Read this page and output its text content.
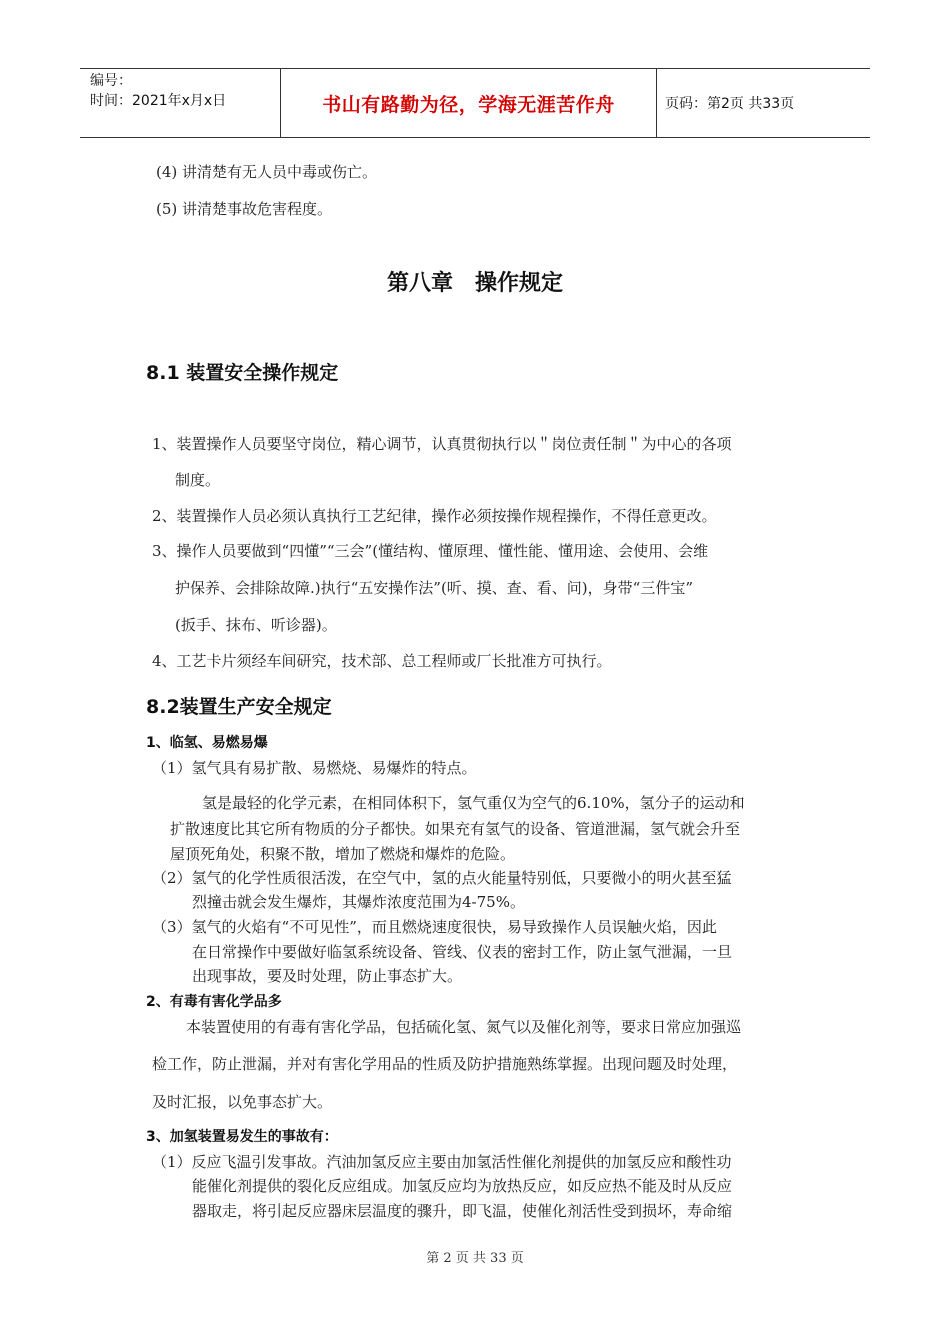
编号：
时间：2021年x月x日	书山有路勤为径，学海无涯苦作舟	页码：第2页 共33页
(4) 讲清楚有无人员中毒或伤亡。
(5) 讲清楚事故危害程度。
第八章　操作规定
8.1 装置安全操作规定
1、装置操作人员要坚守岗位，精心调节，认真贯彻执行以＂岗位责任制＂为中心的各项
制度。
2、装置操作人员必须认真执行工艺纪律，操作必须按操作规程操作，不得任意更改。
3、操作人员要做到“四懂”“三会”(懂结构、懂原理、懂性能、懂用途、会使用、会维
护保养、会排除故障.)执行“五安操作法”(听、摸、查、看、问)，身带“三件宝”
(扳手、抹布、听诊器)。
4、工艺卡片须经车间研究，技术部、总工程师或厂长批准方可执行。
8.2装置生产安全规定
1、临氢、易燃易爆
（1）氢气具有易扩散、易燃烧、易爆炸的特点。
氢是最轻的化学元素，在相同体积下，氢气重仅为空气的6.10%，氢分子的运动和
扩散速度比其它所有物质的分子都快。如果充有氢气的设备、管道泄漏，氢气就会升至
屋顶死角处，积聚不散，增加了燃烧和爆炸的危险。
（2）氢气的化学性质很活泼，在空气中，氢的点火能量特别低，只要微小的明火甚至猛
烈撞击就会发生爆炸，其爆炸浓度范围为4-75%。
（3）氢气的火焰有“不可见性”，而且燃烧速度很快，易导致操作人员误触火焰，因此
在日常操作中要做好临氢系统设备、管线、仪表的密封工作，防止氢气泄漏，一旦
出现事故，要及时处理，防止事态扩大。
2、有毒有害化学品多
本装置使用的有毒有害化学品，包括硫化氢、氮气以及催化剂等，要求日常应加强巡
检工作，防止泄漏，并对有害化学用品的性质及防护措施熟练掌握。出现问题及时处理，
及时汇报，以免事态扩大。
3、加氢装置易发生的事故有：
（1）反应飞温引发事故。汽油加氢反应主要由加氢活性催化剂提供的加氢反应和酸性功
能催化剂提供的裂化反应组成。加氢反应均为放热反应，如反应热不能及时从反应
器取走，将引起反应器床层温度的骤升，即飞温，使催化剂活性受到损坏，寿命缩
第 2 页 共 33 页
